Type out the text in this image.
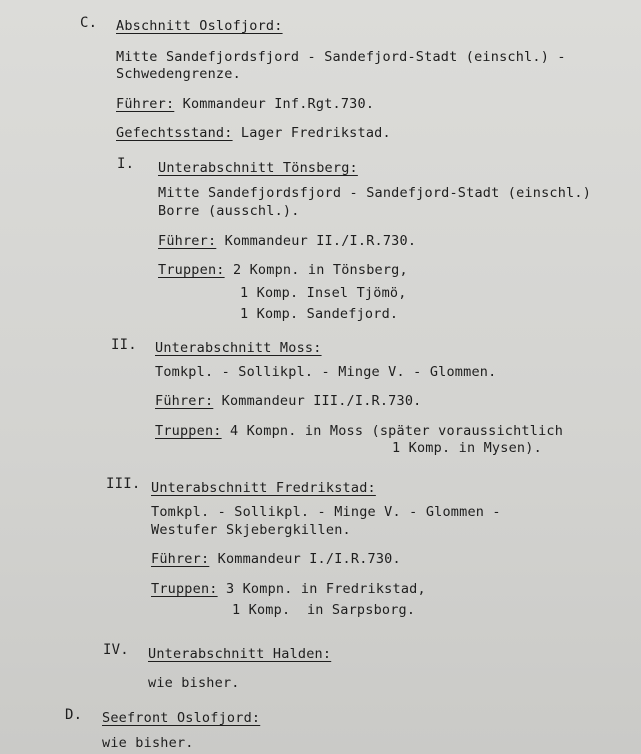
C. Abschnitt Oslofjord:
Mitte Sandefjordsfjord - Sandefjord-Stadt (einschl.) -
Schwedengrenze.
Führer: Kommandeur Inf.Rgt.730.
Gefechtsstand: Lager Fredrikstad.
I. Unterabschnitt Tönsberg:
Mitte Sandefjordsfjord - Sandefjord-Stadt (einschl.)
Borre (ausschl.).
Führer: Kommandeur II./I.R.730.
Truppen: 2 Kompn. in Tönsberg,
1 Komp. Insel Tjömö,
1 Komp. Sandefjord.
II. Unterabschnitt Moss:
Tomkpl. - Sollikpl. - Minge V. - Glommen.
Führer: Kommandeur III./I.R.730.
Truppen: 4 Kompn. in Moss (später voraussichtlich
1 Komp. in Mysen).
III. Unterabschnitt Fredrikstad:
Tomkpl. - Sollikpl. - Minge V. - Glommen -
Westufer Skjebergkillen.
Führer: Kommandeur I./I.R.730.
Truppen: 3 Kompn. in Fredrikstad,
1 Komp.  in Sarpsborg.
IV. Unterabschnitt Halden:
wie bisher.
D. Seefront Oslofjord:
wie bisher.
